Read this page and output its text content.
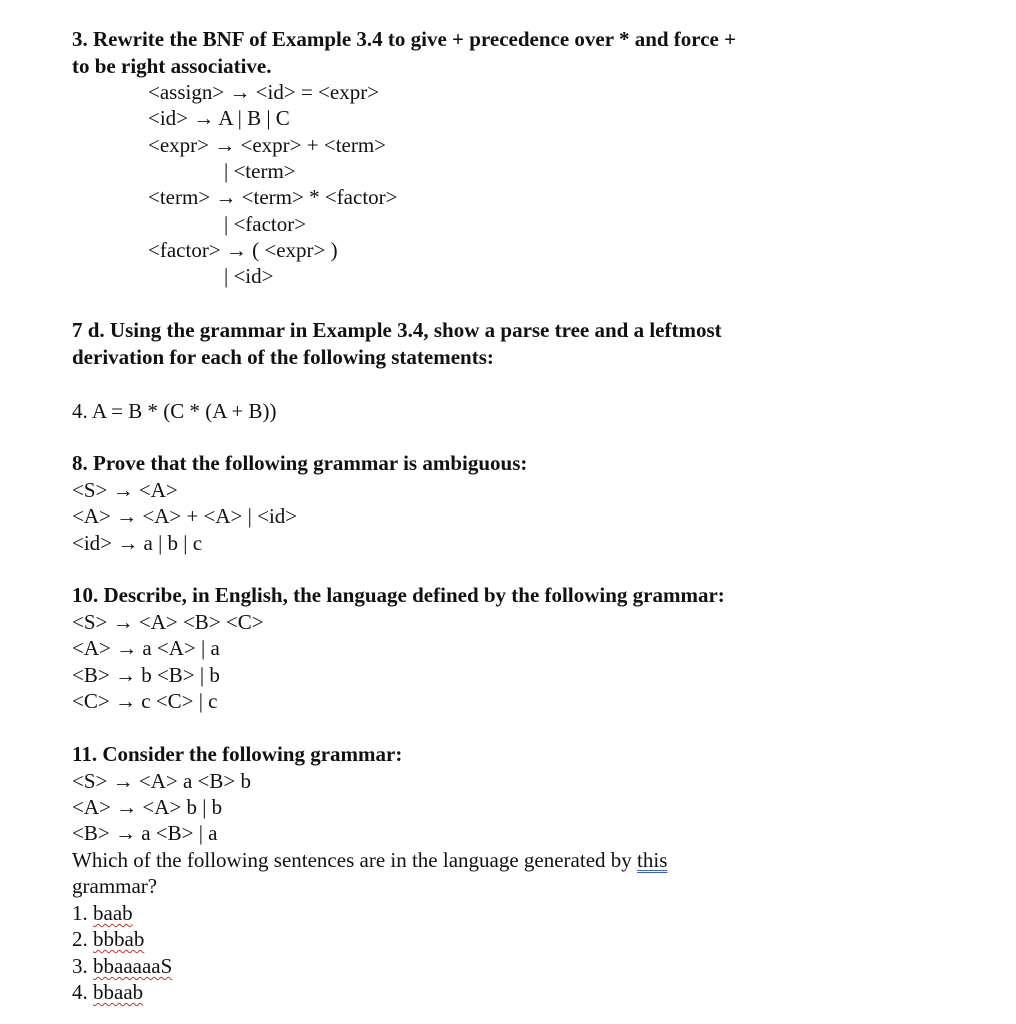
3. Rewrite the BNF of Example 3.4 to give + precedence over * and force +
to be right associative.
<assign> → <id> = <expr>
<id> → A | B | C
<expr> → <expr> + <term>
| <term>
<term> → <term> * <factor>
| <factor>
<factor> → ( <expr> )
| <id>
7 d. Using the grammar in Example 3.4, show a parse tree and a leftmost
derivation for each of the following statements:
4. A = B * (C * (A + B))
8. Prove that the following grammar is ambiguous:
<S> → <A>
<A> → <A> + <A> | <id>
<id> → a | b | c
10. Describe, in English, the language defined by the following grammar:
<S> → <A> <B> <C>
<A> → a <A> | a
<B> → b <B> | b
<C> → c <C> | c
11. Consider the following grammar:
<S> → <A> a <B> b
<A> → <A> b | b
<B> → a <B> | a
Which of the following sentences are in the language generated by this
grammar?
1. baab
2. bbbab
3. bbaaaaaS
4. bbaab
